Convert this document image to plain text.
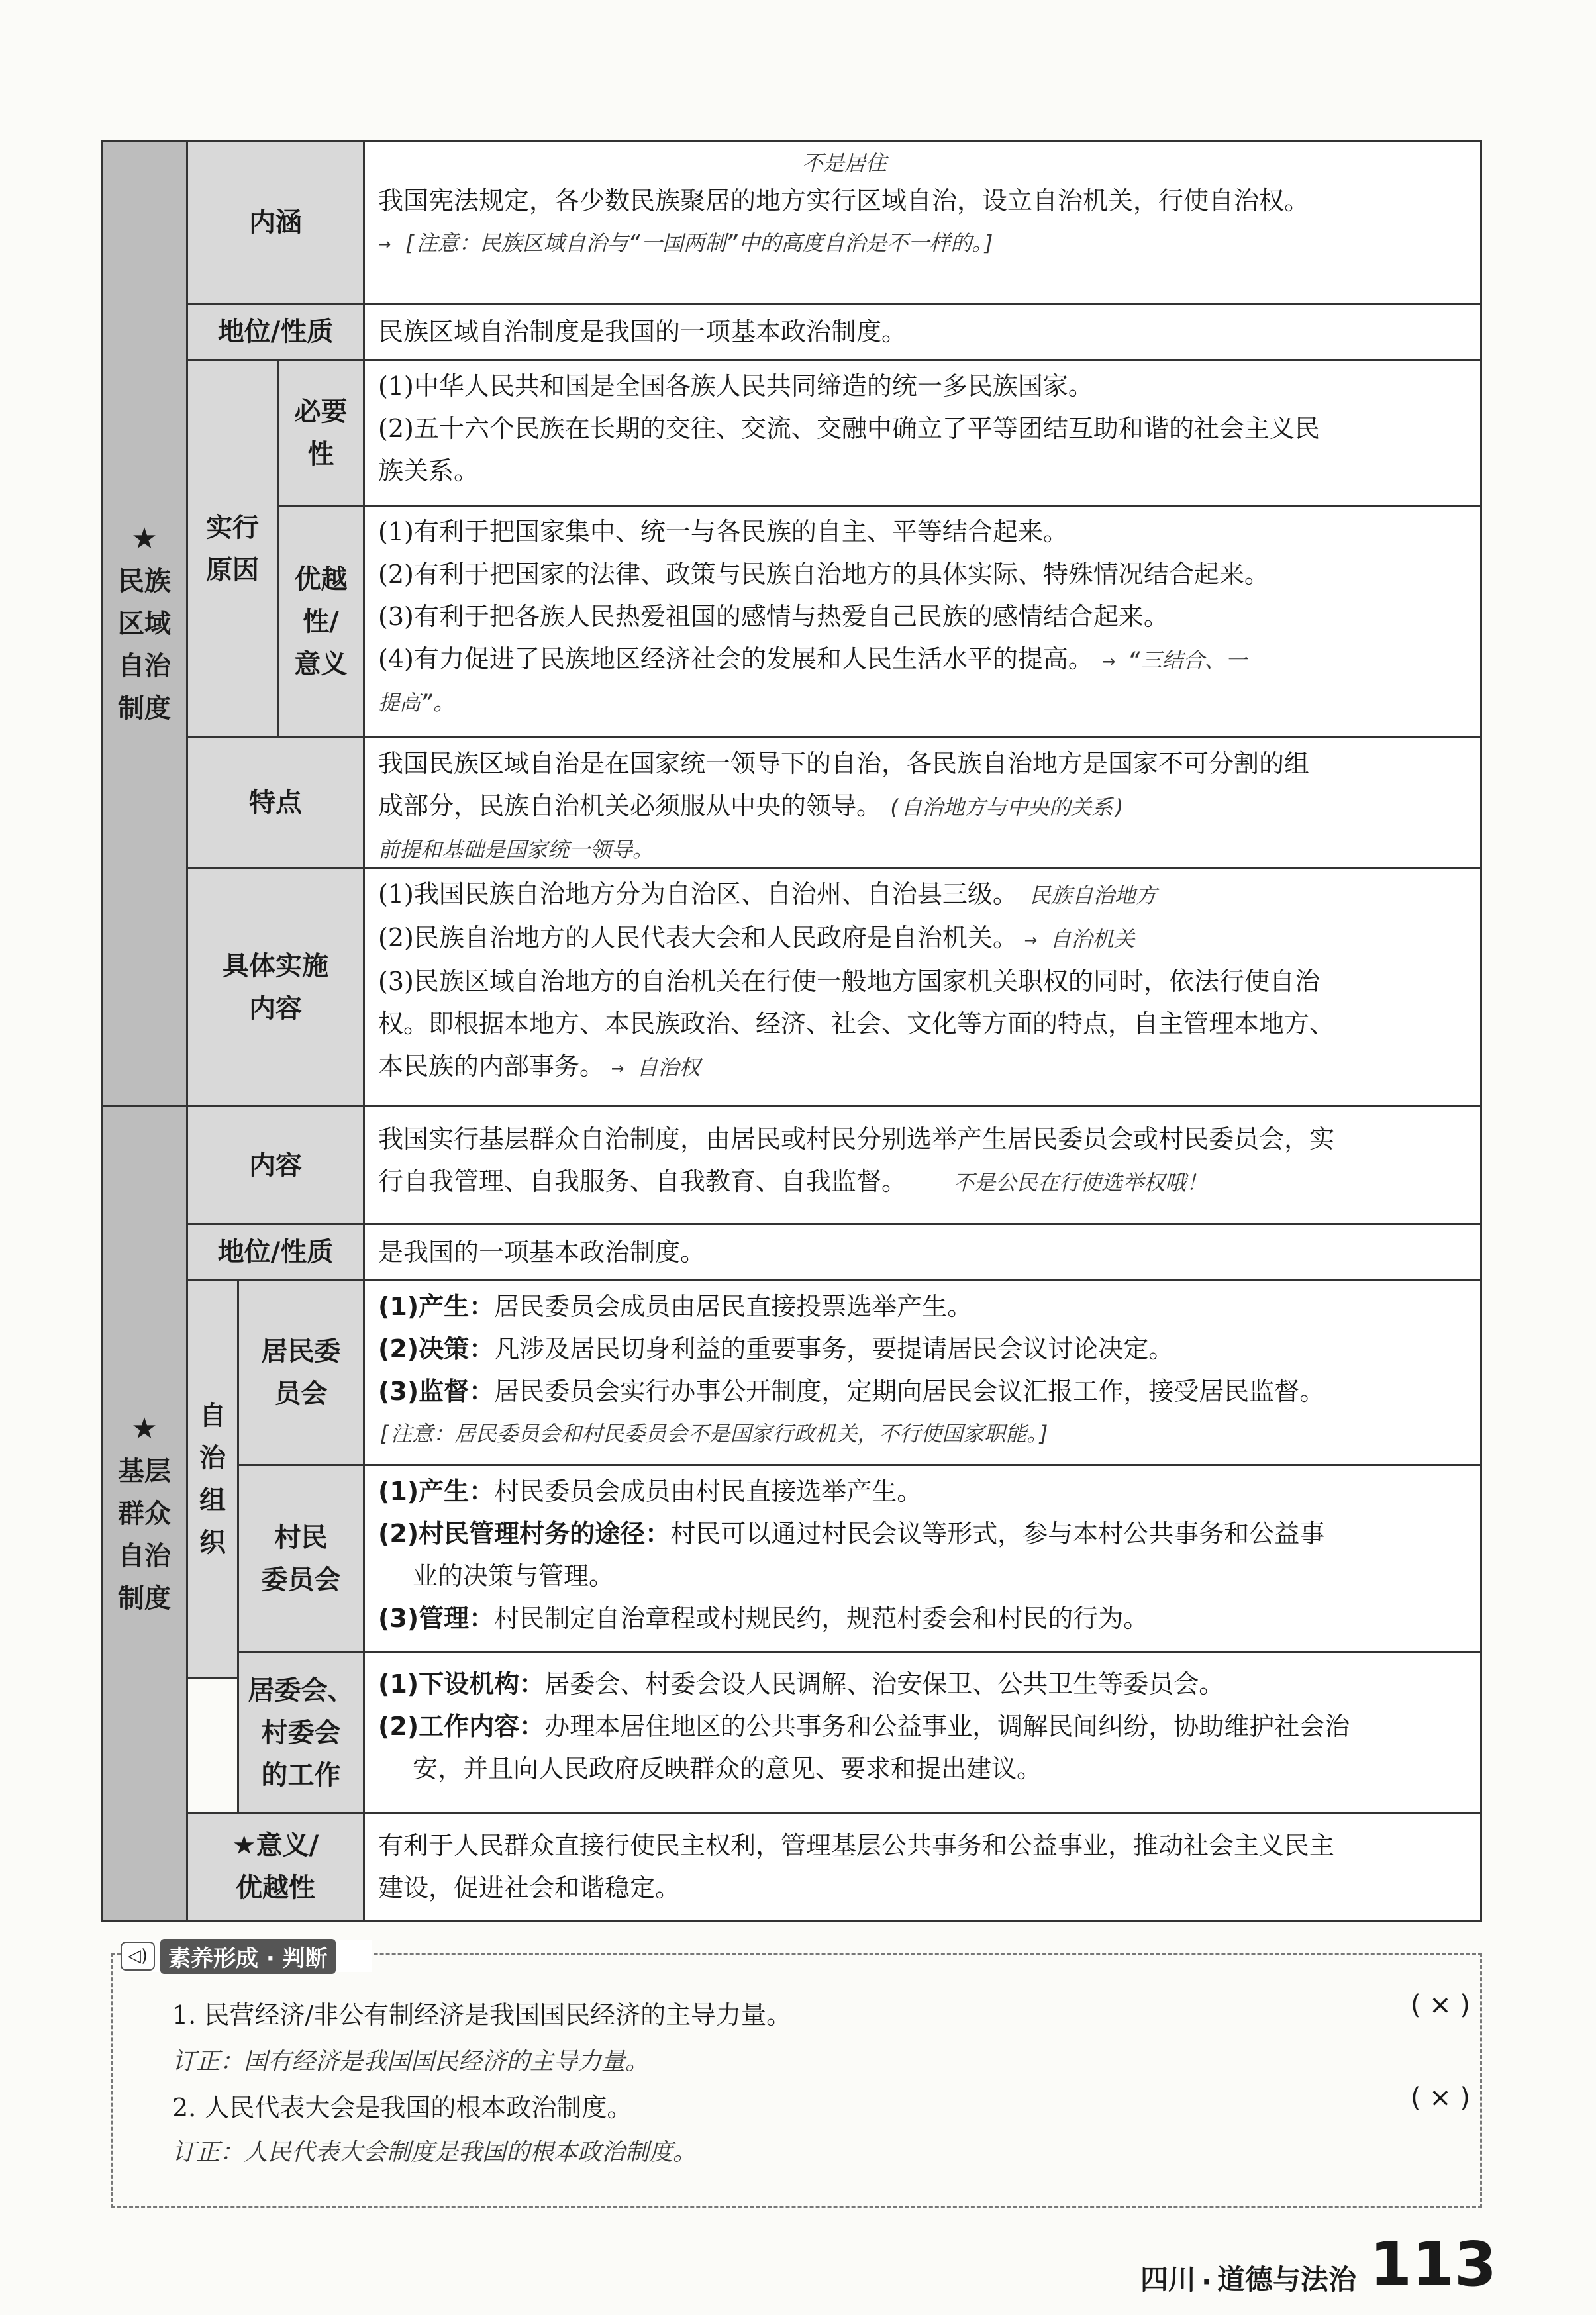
★
民族
区域
自治
制度
内涵
不是居住
我国宪法规定，各少数民族聚居的地方实行区域自治，设立自治机关，行使自治权。
→ [注意：民族区域自治与“一国两制”中的高度自治是不一样的。]
地位/性质 民族区域自治制度是我国的一项基本政治制度。
实行
原因
必要
性
(1)中华人民共和国是全国各族人民共同缔造的统一多民族国家。
(2)五十六个民族在长期的交往、交流、交融中确立了平等团结互助和谐的社会主义民
族关系。
优越
性/
意义
(1)有利于把国家集中、统一与各民族的自主、平等结合起来。
(2)有利于把国家的法律、政策与民族自治地方的具体实际、特殊情况结合起来。
(3)有利于把各族人民热爱祖国的感情与热爱自己民族的感情结合起来。
(4)有力促进了民族地区经济社会的发展和人民生活水平的提高。 → “三结合、一
提高”。
特点
我国民族区域自治是在国家统一领导下的自治，各民族自治地方是国家不可分割的组
成部分，民族自治机关必须服从中央的领导。 (自治地方与中央的关系)
前提和基础是国家统一领导。
具体实施
内容
(1)我国民族自治地方分为自治区、自治州、自治县三级。 民族自治地方
(2)民族自治地方的人民代表大会和人民政府是自治机关。 → 自治机关
(3)民族区域自治地方的自治机关在行使一般地方国家机关职权的同时，依法行使自治
权。即根据本地方、本民族政治、经济、社会、文化等方面的特点，自主管理本地方、
本民族的内部事务。 → 自治权
★
基层
群众
自治
制度
内容
我国实行基层群众自治制度，由居民或村民分别选举产生居民委员会或村民委员会，实
行自我管理、自我服务、自我教育、自我监督。 不是公民在行使选举权哦！
地位/性质 是我国的一项基本政治制度。
自
治
组
织
居民委
员会
(1)产生：居民委员会成员由居民直接投票选举产生。
(2)决策：凡涉及居民切身利益的重要事务，要提请居民会议讨论决定。
(3)监督：居民委员会实行办事公开制度，定期向居民会议汇报工作，接受居民监督。
[注意：居民委员会和村民委员会不是国家行政机关，不行使国家职能。]
村民
委员会
(1)产生：村民委员会成员由村民直接选举产生。
(2)村民管理村务的途径：村民可以通过村民会议等形式，参与本村公共事务和公益事
业的决策与管理。
(3)管理：村民制定自治章程或村规民约，规范村委会和村民的行为。
居委会、
村委会
的工作
(1)下设机构：居委会、村委会设人民调解、治安保卫、公共卫生等委员会。
(2)工作内容：办理本居住地区的公共事务和公益事业，调解民间纠纷，协助维护社会治
安，并且向人民政府反映群众的意见、要求和提出建议。
★意义/
优越性
有利于人民群众直接行使民主权利，管理基层公共事务和公益事业，推动社会主义民主
建设，促进社会和谐稳定。
◁) 素养形成 · 判断
1. 民营经济/非公有制经济是我国国民经济的主导力量。	( × )
订正：国有经济是我国国民经济的主导力量。
2. 人民代表大会是我国的根本政治制度。	( × )
订正：人民代表大会制度是我国的根本政治制度。
四川 · 道德与法治 113
